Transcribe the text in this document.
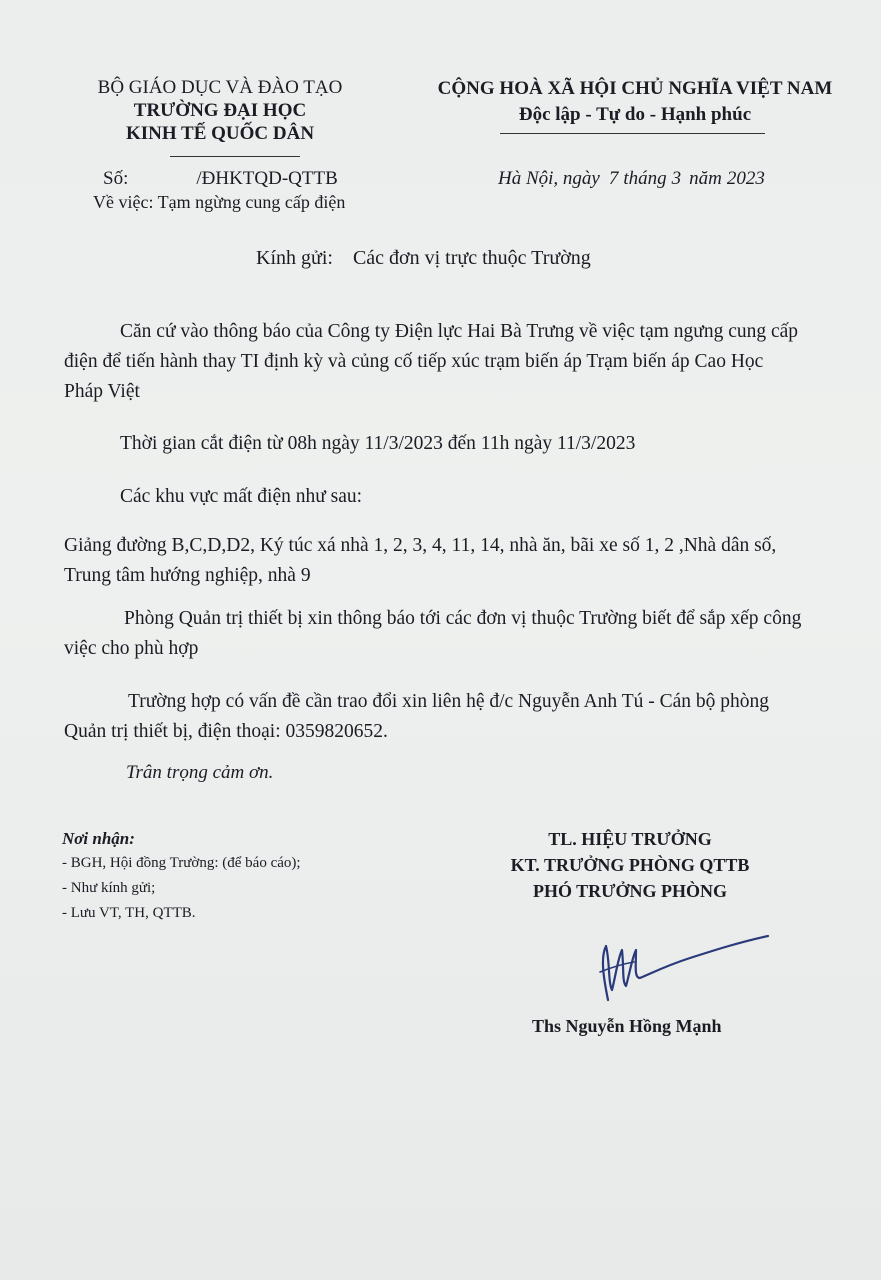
BỘ GIÁO DỤC VÀ ĐÀO TẠO
TRƯỜNG ĐẠI HỌC
KINH TẾ QUỐC DÂN
CỘNG HOÀ XÃ HỘI CHỦ NGHĨA VIỆT NAM
Độc lập - Tự do - Hạnh phúc
Số:	/ĐHKTQD-QTTB
Về việc: Tạm ngừng cung cấp điện
Hà Nội, ngày 7 tháng 3 năm 2023
Kính gửi: Các đơn vị trực thuộc Trường
Căn cứ vào thông báo của Công ty Điện lực Hai Bà Trưng về việc tạm ngưng cung cấp điện để tiến hành thay TI định kỳ và củng cố tiếp xúc trạm biến áp Trạm biến áp Cao Học Pháp Việt
Thời gian cắt điện từ 08h ngày 11/3/2023 đến 11h ngày 11/3/2023
Các khu vực mất điện như sau:
Giảng đường B,C,D,D2, Ký túc xá nhà 1, 2, 3, 4, 11, 14, nhà ăn, bãi xe số 1, 2 ,Nhà dân số, Trung tâm hướng nghiệp, nhà 9
Phòng Quản trị thiết bị xin thông báo tới các đơn vị thuộc Trường biết để sắp xếp công việc cho phù hợp
Trường hợp có vấn đề cần trao đổi xin liên hệ đ/c Nguyễn Anh Tú - Cán bộ phòng Quản trị thiết bị, điện thoại: 0359820652.
Trân trọng cảm ơn.
Nơi nhận:
- BGH, Hội đồng Trường: (để báo cáo);
- Như kính gửi;
- Lưu VT, TH, QTTB.
TL. HIỆU TRƯỞNG
KT. TRƯỞNG PHÒNG QTTB
PHÓ TRƯỞNG PHÒNG
Ths Nguyễn Hồng Mạnh
